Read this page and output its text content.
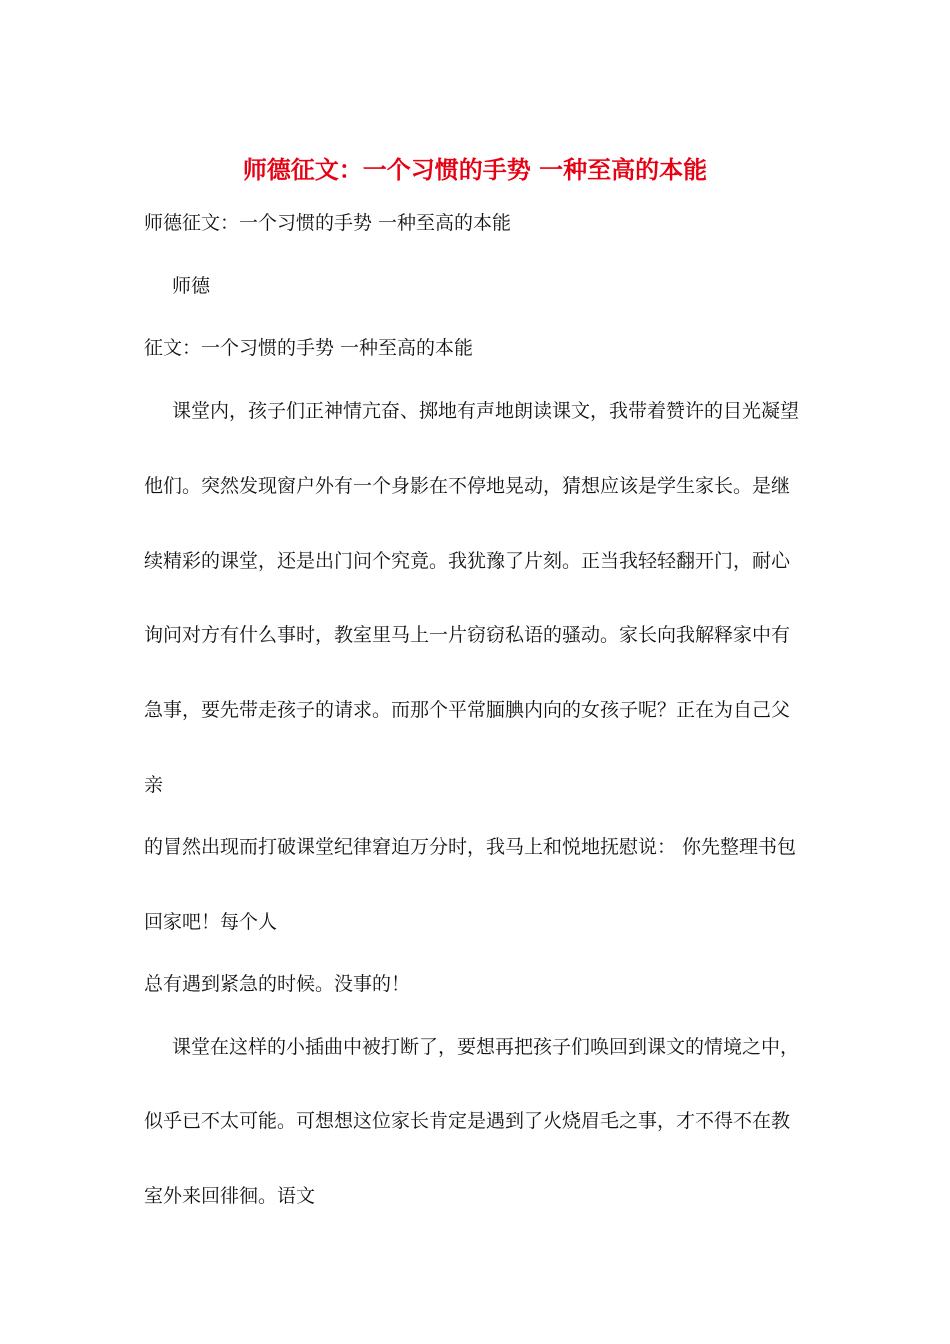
师德征文：一个习惯的手势 一种至高的本能
师德征文：一个习惯的手势 一种至高的本能
师德
征文：一个习惯的手势 一种至高的本能
课堂内，孩子们正神情亢奋、掷地有声地朗读课文，我带着赞许的目光凝望
他们。突然发现窗户外有一个身影在不停地晃动，猜想应该是学生家长。是继
续精彩的课堂，还是出门问个究竟。我犹豫了片刻。正当我轻轻翻开门，耐心
询问对方有什么事时，教室里马上一片窃窃私语的骚动。家长向我解释家中有
急事，要先带走孩子的请求。而那个平常腼腆内向的女孩子呢？正在为自己父
亲
的冒然出现而打破课堂纪律窘迫万分时，我马上和悦地抚慰说： 你先整理书包
回家吧！每个人
总有遇到紧急的时候。没事的！
课堂在这样的小插曲中被打断了，要想再把孩子们唤回到课文的情境之中，
似乎已不太可能。可想想这位家长肯定是遇到了火烧眉毛之事，才不得不在教
室外来回徘徊。语文
